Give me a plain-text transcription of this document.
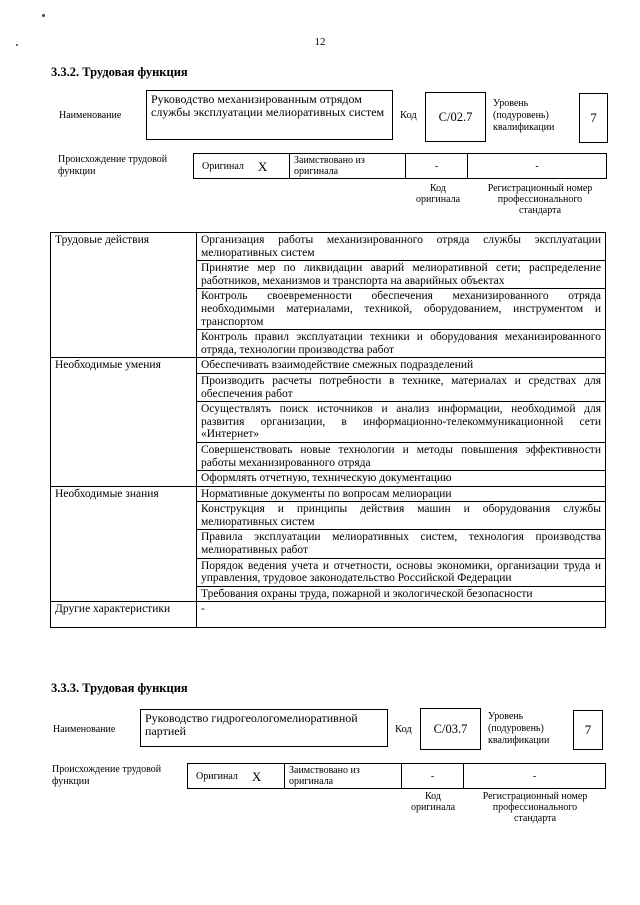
12
3.3.2. Трудовая функция
Наименование
Руководство механизированным отрядом службы эксплуатации мелиоративных систем	Код	C/02.7
Уровень (подуровень) квалификации
7
Происхождение трудовой функции	Оригинал X	Заимствовано из оригинала	-	-
Код оригинала
Регистрационный номер профессионального стандарта
Трудовые действия	Организация работы механизированного отряда службы эксплуатации мелиоративных систем
	Принятие мер по ликвидации аварий мелиоративной сети; распределение работников, механизмов и транспорта на аварийных объектах
	Контроль своевременности обеспечения механизированного отряда необходимыми материалами, техникой, оборудованием, инструментом и транспортом
	Контроль правил эксплуатации техники и оборудования механизированного отряда, технологии производства работ
Необходимые умения	Обеспечивать взаимодействие смежных подразделений
	Производить расчеты потребности в технике, материалах и средствах для обеспечения работ
	Осуществлять поиск источников и анализ информации, необходимой для развития организации, в информационно-телекоммуникационной сети «Интернет»
	Совершенствовать новые технологии и методы повышения эффективности работы механизированного отряда
	Оформлять отчетную, техническую документацию
Необходимые знания	Нормативные документы по вопросам мелиорации
	Конструкция и принципы действия машин и оборудования службы мелиоративных систем
	Правила эксплуатации мелиоративных систем, технология производства мелиоративных работ
	Порядок ведения учета и отчетности, основы экономики, организации труда и управления, трудовое законодательство Российской Федерации
	Требования охраны труда, пожарной и экологической безопасности
Другие характеристики	-
3.3.3. Трудовая функция
Наименование
Руководство гидрогеологомелиоративной партией	Код	C/03.7
Уровень (подуровень) квалификации
7
Происхождение трудовой функции	Оригинал X	Заимствовано из оригинала	-	-
Код оригинала
Регистрационный номер профессионального стандарта
